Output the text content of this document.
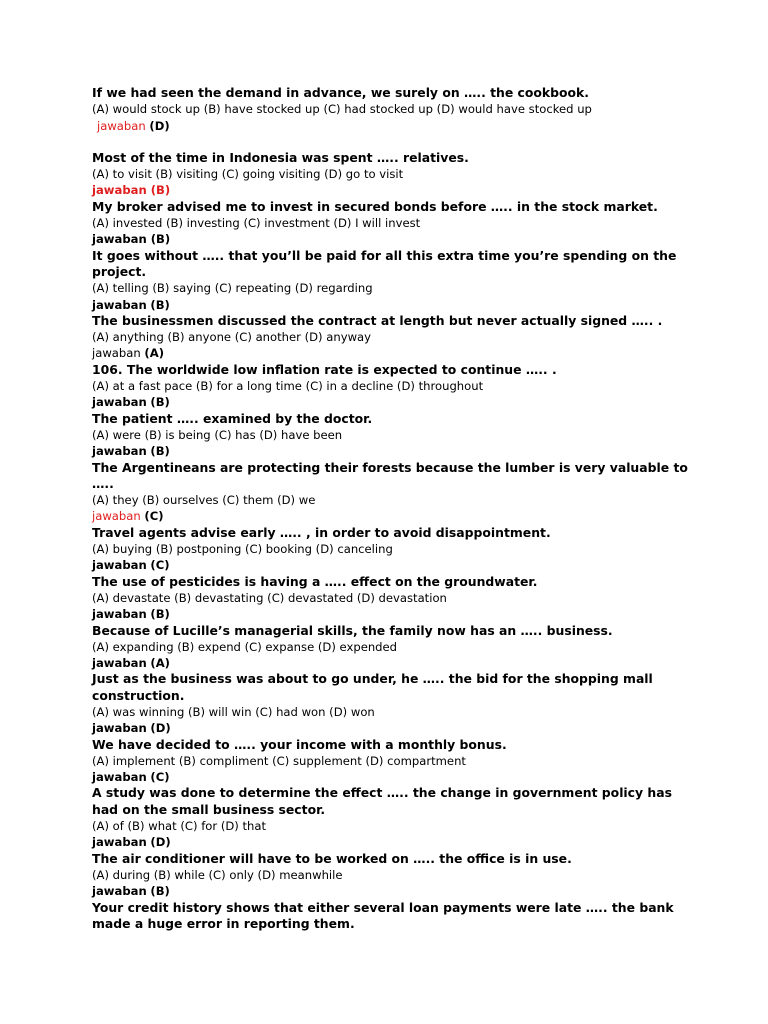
If we had seen the demand in advance, we surely on ….. the cookbook.

(A) would stock up (B) have stocked up (C) had stocked up (D) would have stocked up

jawaban (D)

Most of the time in Indonesia was spent ….. relatives.

(A) to visit (B) visiting (C) going visiting (D) go to visit

jawaban (B)

My broker advised me to invest in secured bonds before ….. in the stock market.

(A) invested (B) investing (C) investment (D) I will invest

jawaban (B)

It goes without ….. that you’ll be paid for all this extra time you’re spending on the project.

(A) telling (B) saying (C) repeating (D) regarding

jawaban (B)

The businessmen discussed the contract at length but never actually signed ….. .

(A) anything (B) anyone (C) another (D) anyway

jawaban (A)

106. The worldwide low inflation rate is expected to continue ….. .

(A) at a fast pace (B) for a long time (C) in a decline (D) throughout

jawaban (B)

The patient ….. examined by the doctor.

(A) were (B) is being (C) has (D) have been

jawaban (B)

The Argentineans are protecting their forests because the lumber is very valuable to …..

(A) they (B) ourselves (C) them (D) we

jawaban (C)

Travel agents advise early ….. , in order to avoid disappointment.

(A) buying (B) postponing (C) booking (D) canceling

jawaban (C)

The use of pesticides is having a ….. effect on the groundwater.

(A) devastate (B) devastating (C) devastated (D) devastation

jawaban (B)

Because of Lucille’s managerial skills, the family now has an ….. business.

(A) expanding (B) expend (C) expanse (D) expended

jawaban (A)

Just as the business was about to go under, he ….. the bid for the shopping mall construction.

(A) was winning (B) will win (C) had won (D) won

jawaban (D)

We have decided to ….. your income with a monthly bonus.

(A) implement (B) compliment (C) supplement (D) compartment

jawaban (C)

A study was done to determine the effect ….. the change in government policy has had on the small business sector.

(A) of (B) what (C) for (D) that

jawaban (D)

The air conditioner will have to be worked on ….. the office is in use.

(A) during (B) while (C) only (D) meanwhile

jawaban (B)

Your credit history shows that either several loan payments were late ….. the bank made a huge error in reporting them.
